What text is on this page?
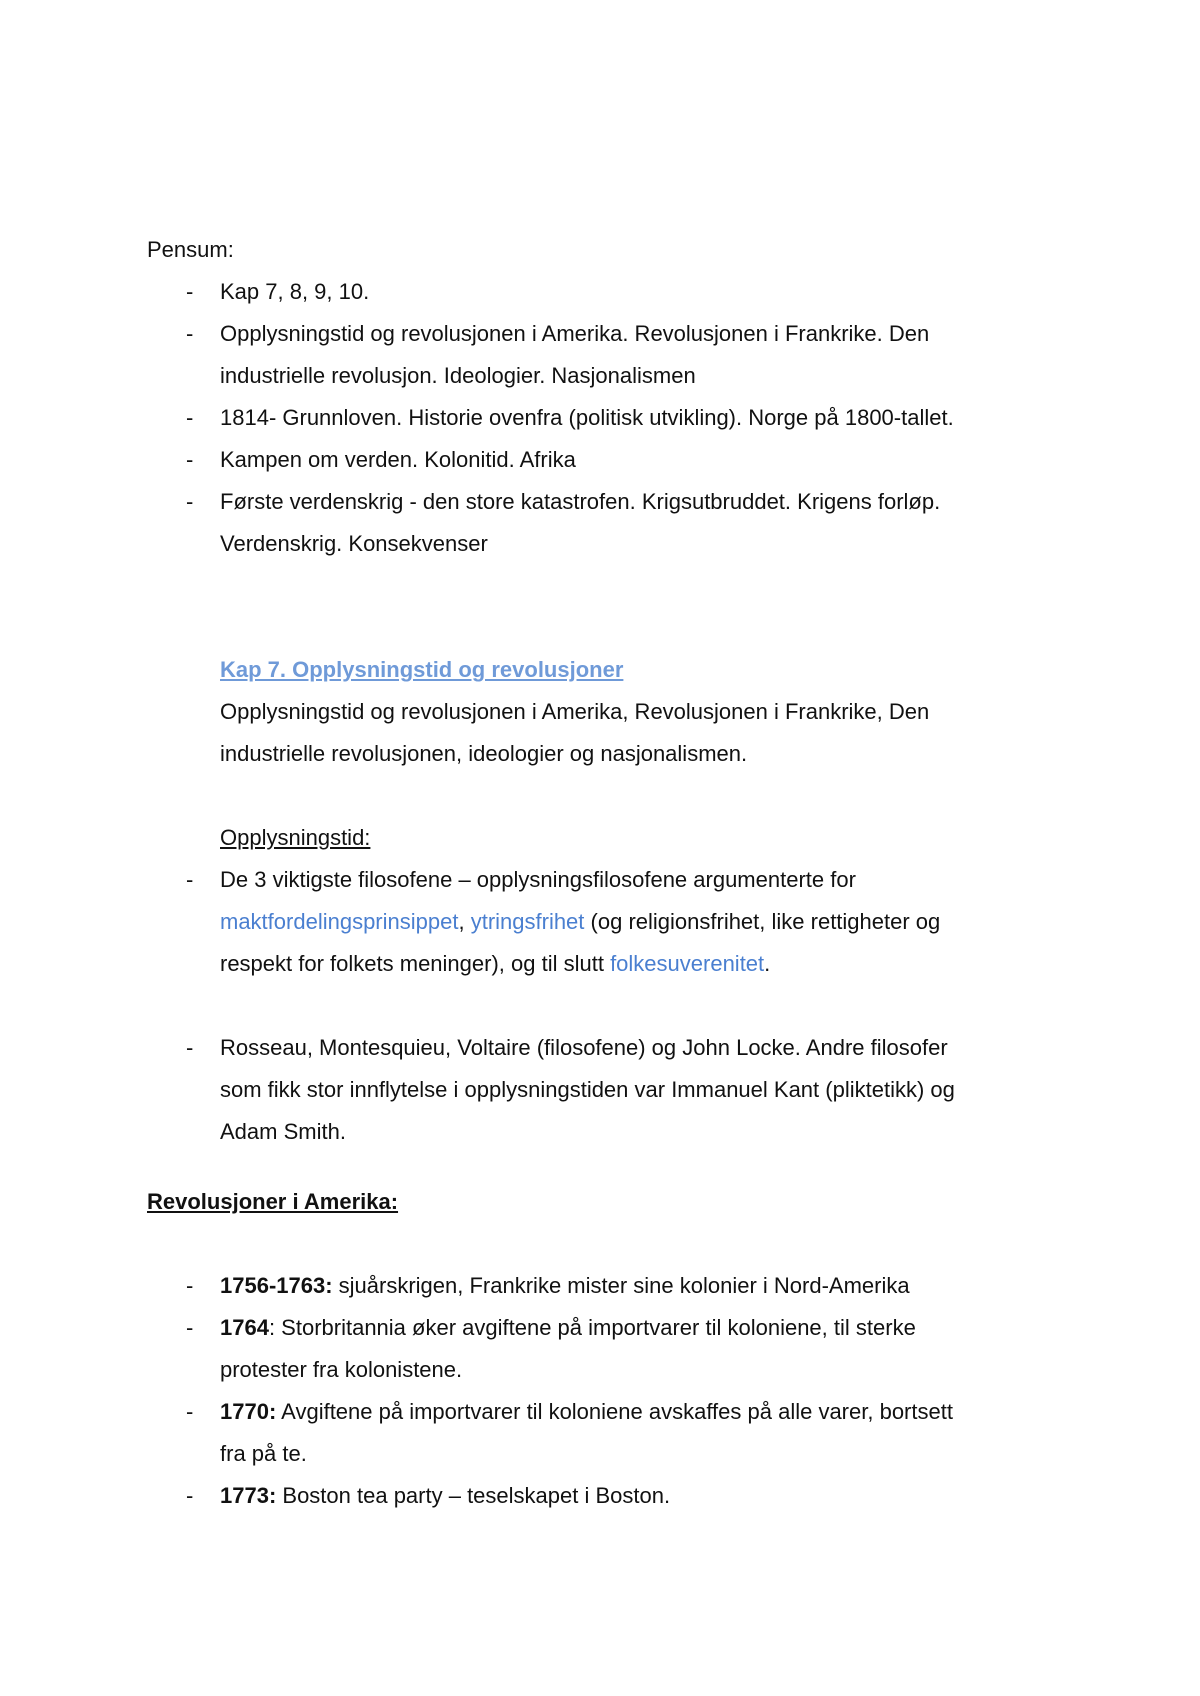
Pensum:
- Kap 7, 8, 9, 10.
- Opplysningstid og revolusjonen i Amerika. Revolusjonen i Frankrike. Den
industrielle revolusjon. Ideologier. Nasjonalismen
- 1814- Grunnloven. Historie ovenfra (politisk utvikling). Norge på 1800-tallet.
- Kampen om verden. Kolonitid. Afrika
- Første verdenskrig - den store katastrofen. Krigsutbruddet. Krigens forløp.
Verdenskrig. Konsekvenser
Kap 7. Opplysningstid og revolusjoner
Opplysningstid og revolusjonen i Amerika, Revolusjonen i Frankrike, Den
industrielle revolusjonen, ideologier og nasjonalismen.
Opplysningstid:
- De 3 viktigste filosofene – opplysningsfilosofene argumenterte for
maktfordelingsprinsippet, ytringsfrihet (og religionsfrihet, like rettigheter og
respekt for folkets meninger), og til slutt folkesuverenitet.
- Rosseau, Montesquieu, Voltaire (filosofene) og John Locke. Andre filosofer
som fikk stor innflytelse i opplysningstiden var Immanuel Kant (pliktetikk) og
Adam Smith.
Revolusjoner i Amerika:
- 1756-1763: sjuårskrigen, Frankrike mister sine kolonier i Nord-Amerika
- 1764: Storbritannia øker avgiftene på importvarer til koloniene, til sterke
protester fra kolonistene.
- 1770: Avgiftene på importvarer til koloniene avskaffes på alle varer, bortsett
fra på te.
- 1773: Boston tea party – teselskapet i Boston.
